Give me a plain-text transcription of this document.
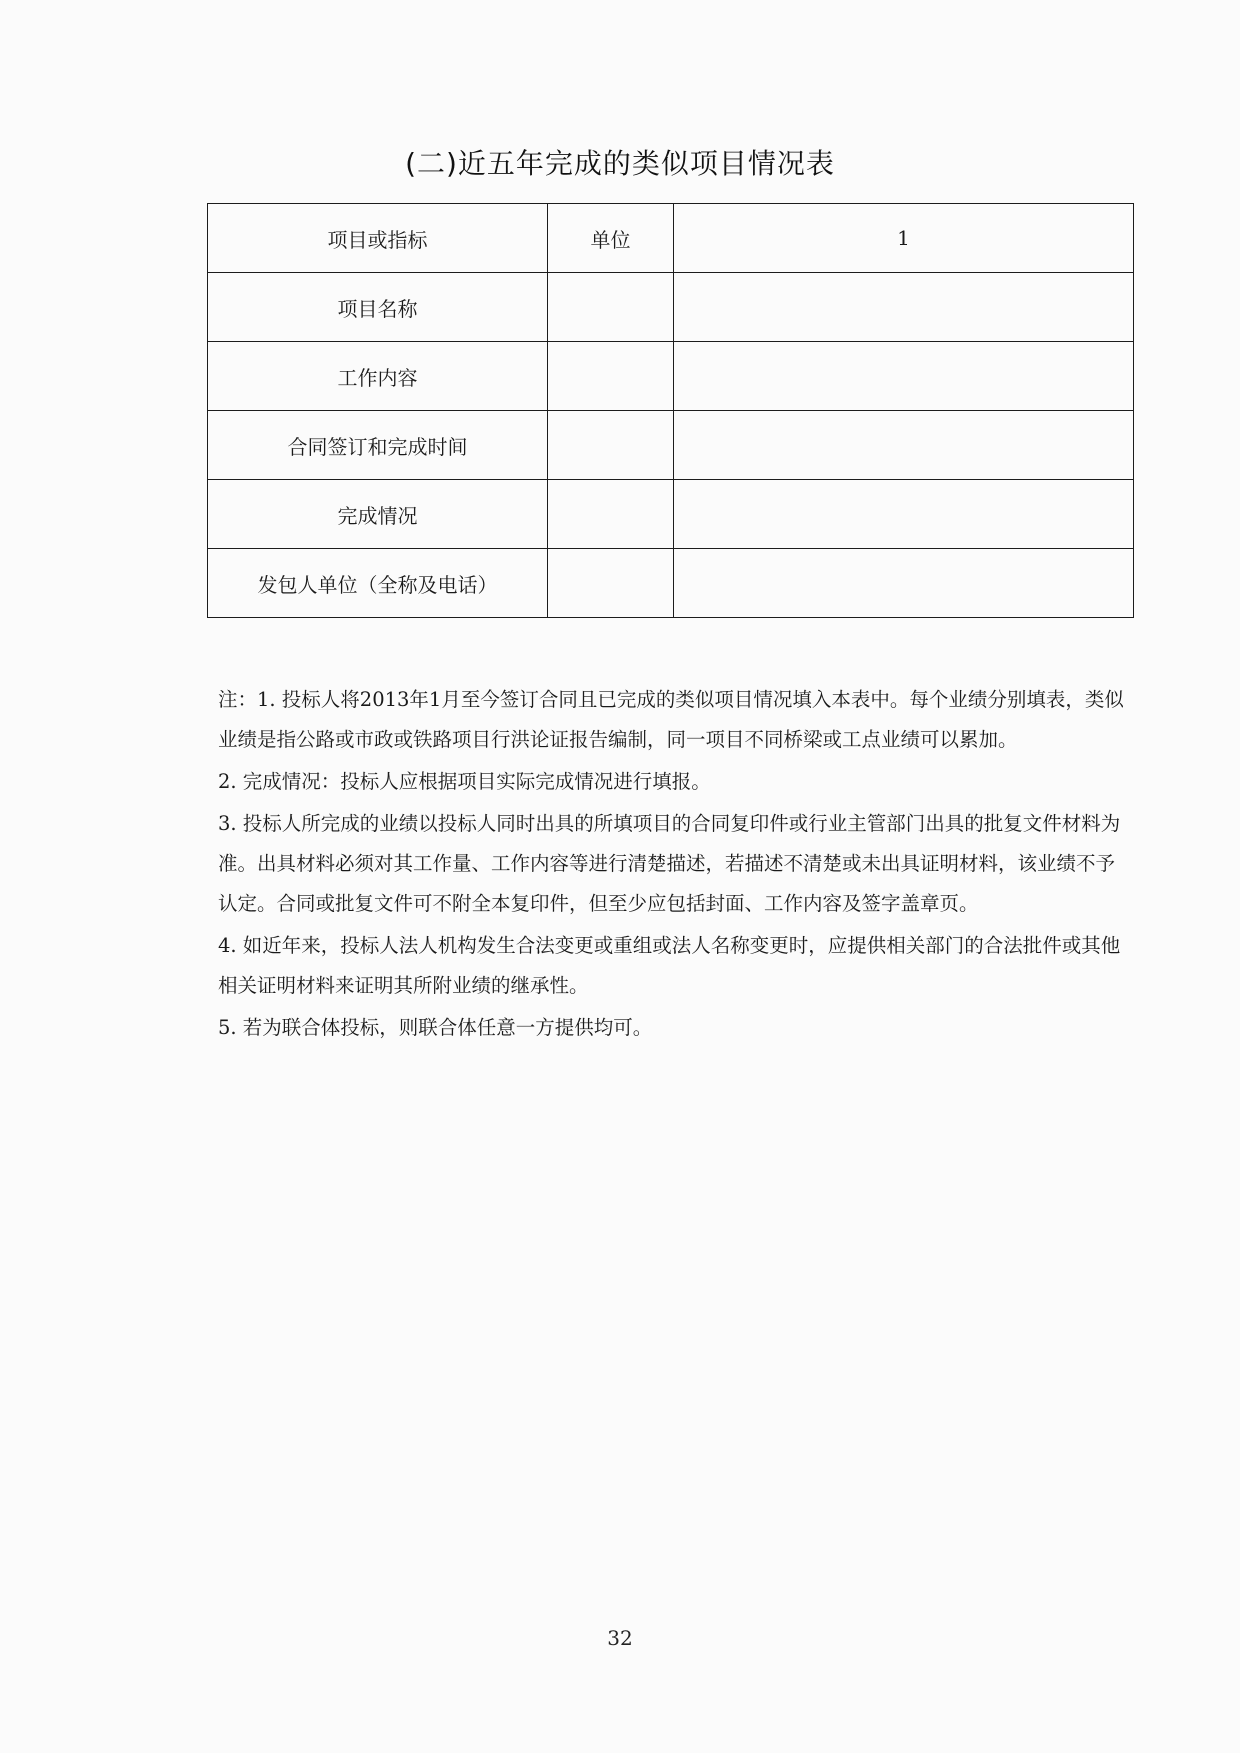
(二)近五年完成的类似项目情况表
项目或指标	单位	1
项目名称		
工作内容		
合同签订和完成时间		
完成情况		
发包人单位（全称及电话）		

注：1. 投标人将2013年1月至今签订合同且已完成的类似项目情况填入本表中。每个业绩分别填表，类似业绩是指公路或市政或铁路项目行洪论证报告编制，同一项目不同桥梁或工点业绩可以累加。

2. 完成情况：投标人应根据项目实际完成情况进行填报。

3. 投标人所完成的业绩以投标人同时出具的所填项目的合同复印件或行业主管部门出具的批复文件材料为准。出具材料必须对其工作量、工作内容等进行清楚描述，若描述不清楚或未出具证明材料，该业绩不予认定。合同或批复文件可不附全本复印件，但至少应包括封面、工作内容及签字盖章页。

4. 如近年来，投标人法人机构发生合法变更或重组或法人名称变更时，应提供相关部门的合法批件或其他相关证明材料来证明其所附业绩的继承性。

5. 若为联合体投标，则联合体任意一方提供均可。

32
